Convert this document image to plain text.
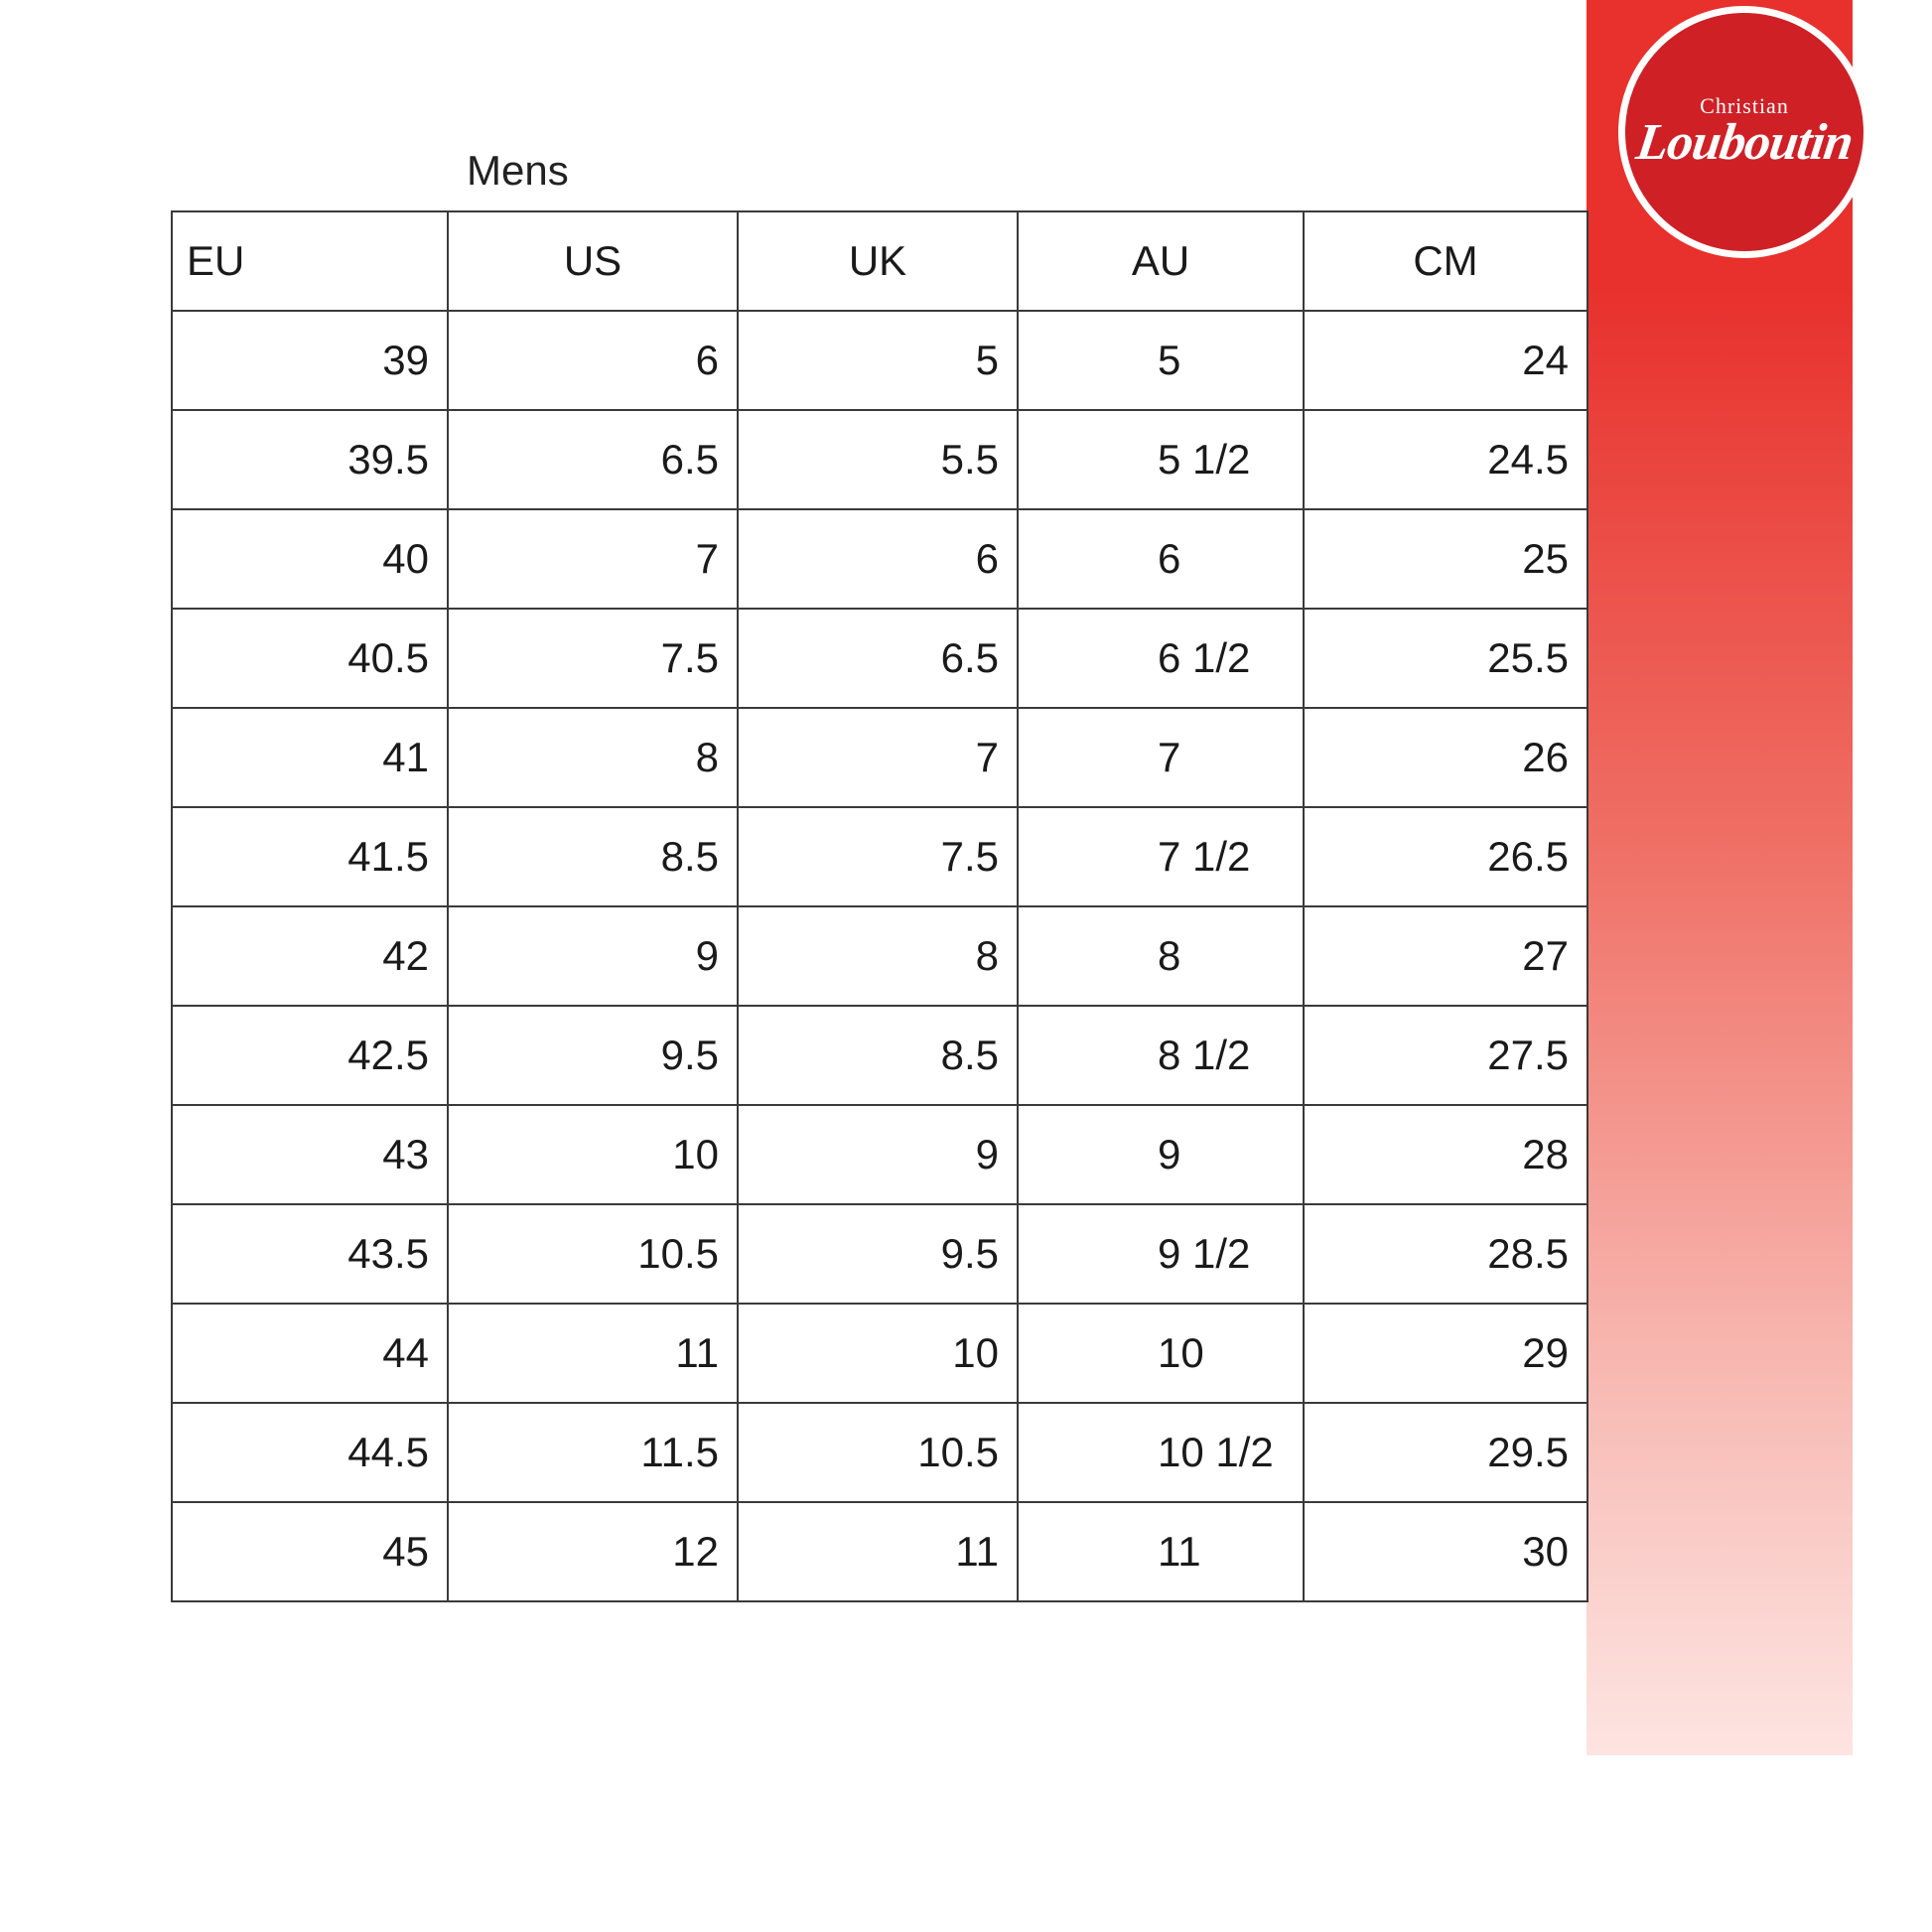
Christian
Louboutin
Mens
EU	US	UK	AU	CM
39	6	5	5	24
39.5	6.5	5.5	5 1/2	24.5
40	7	6	6	25
40.5	7.5	6.5	6 1/2	25.5
41	8	7	7	26
41.5	8.5	7.5	7 1/2	26.5
42	9	8	8	27
42.5	9.5	8.5	8 1/2	27.5
43	10	9	9	28
43.5	10.5	9.5	9 1/2	28.5
44	11	10	10	29
44.5	11.5	10.5	10 1/2	29.5
45	12	11	11	30
